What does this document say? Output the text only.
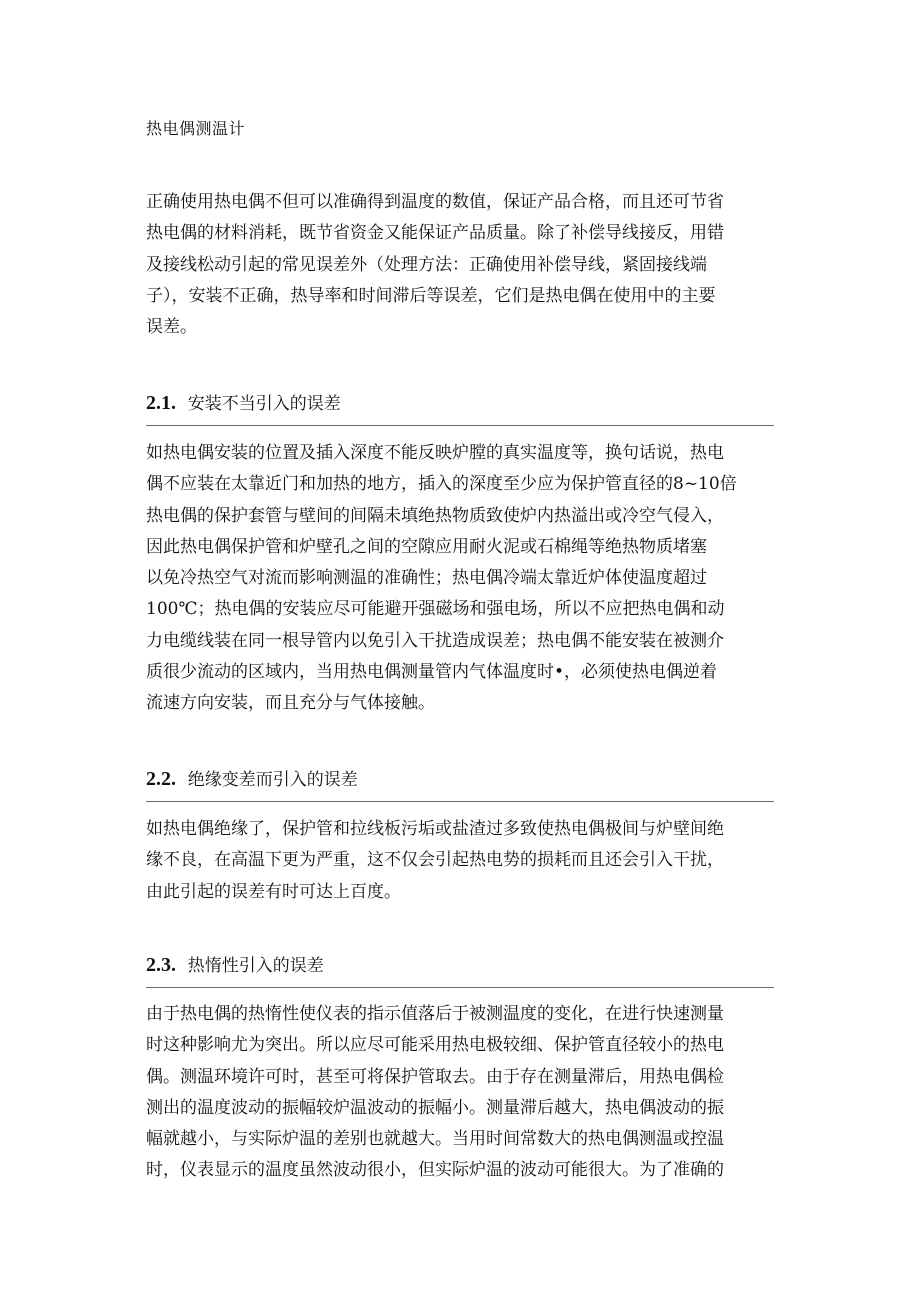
热电偶测温计
正确使用热电偶不但可以准确得到温度的数值，保证产品合格，而且还可节省
热电偶的材料消耗，既节省资金又能保证产品质量。除了补偿导线接反，用错
及接线松动引起的常见误差外（处理方法：正确使用补偿导线，紧固接线端
子），安装不正确，热导率和时间滞后等误差，它们是热电偶在使用中的主要
误差。
2.1. 安装不当引入的误差
如热电偶安装的位置及插入深度不能反映炉膛的真实温度等，换句话说，热电
偶不应装在太靠近门和加热的地方，插入的深度至少应为保护管直径的8~10倍
热电偶的保护套管与壁间的间隔未填绝热物质致使炉内热溢出或冷空气侵入，
因此热电偶保护管和炉壁孔之间的空隙应用耐火泥或石棉绳等绝热物质堵塞
以免冷热空气对流而影响测温的准确性；热电偶冷端太靠近炉体使温度超过
100℃；热电偶的安装应尽可能避开强磁场和强电场，所以不应把热电偶和动
力电缆线装在同一根导管内以免引入干扰造成误差；热电偶不能安装在被测介
质很少流动的区域内，当用热电偶测量管内气体温度时•，必须使热电偶逆着
流速方向安装，而且充分与气体接触。
2.2. 绝缘变差而引入的误差
如热电偶绝缘了，保护管和拉线板污垢或盐渣过多致使热电偶极间与炉壁间绝
缘不良，在高温下更为严重，这不仅会引起热电势的损耗而且还会引入干扰，
由此引起的误差有时可达上百度。
2.3. 热惰性引入的误差
由于热电偶的热惰性使仪表的指示值落后于被测温度的变化，在进行快速测量
时这种影响尤为突出。所以应尽可能采用热电极较细、保护管直径较小的热电
偶。测温环境许可时，甚至可将保护管取去。由于存在测量滞后，用热电偶检
测出的温度波动的振幅较炉温波动的振幅小。测量滞后越大，热电偶波动的振
幅就越小，与实际炉温的差别也就越大。当用时间常数大的热电偶测温或控温
时，仪表显示的温度虽然波动很小，但实际炉温的波动可能很大。为了准确的
